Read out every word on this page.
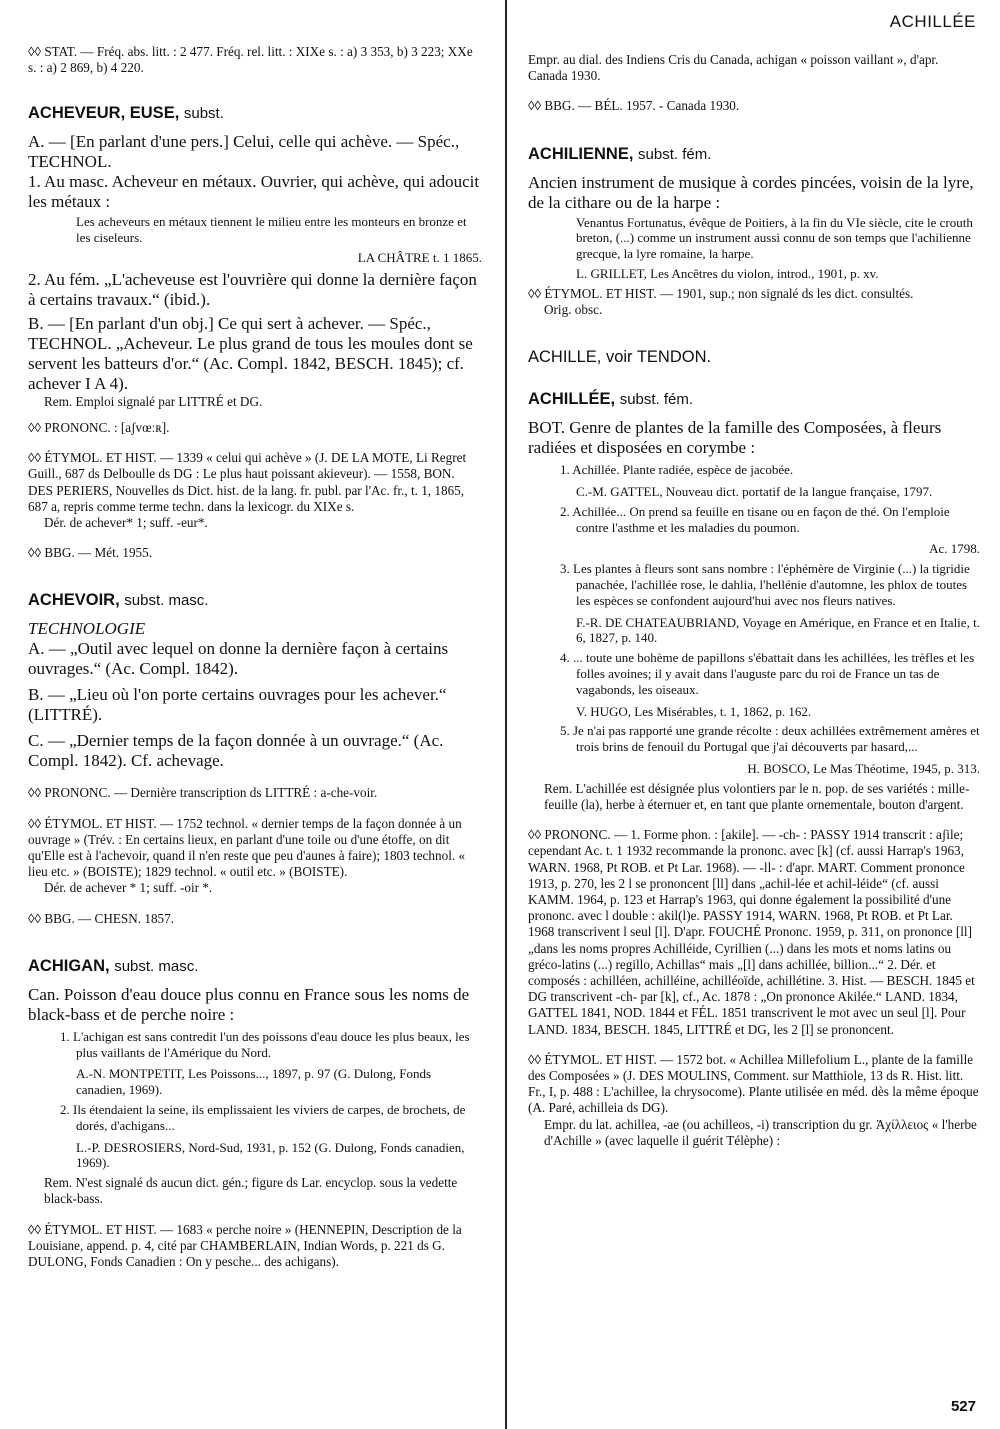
ACHILLÉE

◊◊ STAT. — Fréq. abs. litt. : 2 477. Fréq. rel. litt. : XIXe s. : a) 3 353, b) 3 223; XXe s. : a) 2 869, b) 4 220.

ACHEVEUR, EUSE, subst.

A. — [En parlant d'une pers.] Celui, celle qui achève. — Spéc., TECHNOL.

1. Au masc. Acheveur en métaux. Ouvrier, qui achève, qui adoucit les métaux :

Les acheveurs en métaux tiennent le milieu entre les monteurs en bronze et les ciseleurs.

LA CHÂTRE t. 1 1865.

2. Au fém. „L'acheveuse est l'ouvrière qui donne la dernière façon à certains travaux.“ (ibid.).

B. — [En parlant d'un obj.] Ce qui sert à achever. — Spéc., TECHNOL. „Acheveur. Le plus grand de tous les moules dont se servent les batteurs d'or.“ (Ac. Compl. 1842, BESCH. 1845); cf. achever I A 4).

Rem. Emploi signalé par LITTRÉ et DG.

◊◊ PRONONC. : [aʃvœːʀ].

◊◊ ÉTYMOL. ET HIST. — 1339 « celui qui achève » (J. DE LA MOTE, Li Regret Guill., 687 ds Delboulle ds DG : Le plus haut poissant akieveur). — 1558, BON. DES PERIERS, Nouvelles ds Dict. hist. de la lang. fr. publ. par l'Ac. fr., t. 1, 1865, 687 a, repris comme terme techn. dans la lexicogr. du XIXe s.

Dér. de achever* 1; suff. -eur*.

◊◊ BBG. — Mét. 1955.

ACHEVOIR, subst. masc.

TECHNOLOGIE

A. — „Outil avec lequel on donne la dernière façon à certains ouvrages.“ (Ac. Compl. 1842).

B. — „Lieu où l'on porte certains ouvrages pour les achever.“ (LITTRÉ).

C. — „Dernier temps de la façon donnée à un ouvrage.“ (Ac. Compl. 1842). Cf. achevage.

◊◊ PRONONC. — Dernière transcription ds LITTRÉ : a-che-voir.

◊◊ ÉTYMOL. ET HIST. — 1752 technol. « dernier temps de la façon donnée à un ouvrage » (Trév. : En certains lieux, en parlant d'une toile ou d'une étoffe, on dit qu'Elle est à l'achevoir, quand il n'en reste que peu d'aunes à faire); 1803 technol. « lieu etc. » (BOISTE); 1829 technol. « outil etc. » (BOISTE).

Dér. de achever * 1; suff. -oir *.

◊◊ BBG. — CHESN. 1857.

ACHIGAN, subst. masc.

Can. Poisson d'eau douce plus connu en France sous les noms de black-bass et de perche noire :

1. L'achigan est sans contredit l'un des poissons d'eau douce les plus beaux, les plus vaillants de l'Amérique du Nord.

A.-N. MONTPETIT, Les Poissons..., 1897, p. 97 (G. Dulong, Fonds canadien, 1969).

2. Ils étendaient la seine, ils emplissaient les viviers de carpes, de brochets, de dorés, d'achigans...

L.-P. DESROSIERS, Nord-Sud, 1931, p. 152 (G. Dulong, Fonds canadien, 1969).

Rem. N'est signalé ds aucun dict. gén.; figure ds Lar. encyclop. sous la vedette black-bass.

◊◊ ÉTYMOL. ET HIST. — 1683 « perche noire » (HENNEPIN, Description de la Louisiane, append. p. 4, cité par CHAMBERLAIN, Indian Words, p. 221 ds G. DULONG, Fonds Canadien : On y pesche... des achigans).

Empr. au dial. des Indiens Cris du Canada, achigan « poisson vaillant », d'apr. Canada 1930.

◊◊ BBG. — BÉL. 1957. - Canada 1930.

ACHILIENNE, subst. fém.

Ancien instrument de musique à cordes pincées, voisin de la lyre, de la cithare ou de la harpe :

Venantus Fortunatus, évêque de Poitiers, à la fin du VIe siècle, cite le crouth breton, (...) comme un instrument aussi connu de son temps que l'achilienne grecque, la lyre romaine, la harpe.

L. GRILLET, Les Ancêtres du violon, introd., 1901, p. xv.

◊◊ ÉTYMOL. ET HIST. — 1901, sup.; non signalé ds les dict. consultés.

Orig. obsc.

ACHILLE, voir TENDON.
ACHILLÉE, subst. fém.

BOT. Genre de plantes de la famille des Composées, à fleurs radiées et disposées en corymbe :

1. Achillée. Plante radiée, espèce de jacobée.

C.-M. GATTEL, Nouveau dict. portatif de la langue française, 1797.

2. Achillée... On prend sa feuille en tisane ou en façon de thé. On l'emploie contre l'asthme et les maladies du poumon.

Ac. 1798.

3. Les plantes à fleurs sont sans nombre : l'éphémère de Virginie (...) la tigridie panachée, l'achillée rose, le dahlia, l'hellénie d'automne, les phlox de toutes les espèces se confondent aujourd'hui avec nos fleurs natives.

F.-R. DE CHATEAUBRIAND, Voyage en Amérique, en France et en Italie, t. 6, 1827, p. 140.

4. ... toute une bohème de papillons s'ébattait dans les achillées, les trèfles et les folles avoines; il y avait dans l'auguste parc du roi de France un tas de vagabonds, les oiseaux.

V. HUGO, Les Misérables, t. 1, 1862, p. 162.

5. Je n'ai pas rapporté une grande récolte : deux achillées extrêmement amères et trois brins de fenouil du Portugal que j'ai découverts par hasard,...

H. BOSCO, Le Mas Théotime, 1945, p. 313.

Rem. L'achillée est désignée plus volontiers par le n. pop. de ses variétés : mille-feuille (la), herbe à éternuer et, en tant que plante ornementale, bouton d'argent.

◊◊ PRONONC. — 1. Forme phon. : [akile]. — -ch- : PASSY 1914 transcrit : aʃile; cependant Ac. t. 1 1932 recommande la prononc. avec [k] (cf. aussi Harrap's 1963, WARN. 1968, Pt ROB. et Pt Lar. 1968). — -ll- : d'apr. MART. Comment prononce 1913, p. 270, les 2 l se prononcent [ll] dans „achil-lée et achil-léide“ (cf. aussi KAMM. 1964, p. 123 et Harrap's 1963, qui donne également la possibilité d'une prononc. avec l double : akil(l)e. PASSY 1914, WARN. 1968, Pt ROB. et Pt Lar. 1968 transcrivent l seul [l]. D'apr. FOUCHÉ Prononc. 1959, p. 311, on prononce [ll] „dans les noms propres Achilléide, Cyrillien (...) dans les mots et noms latins ou gréco-latins (...) regillo, Achillas“ mais „[l] dans achillée, billion...“ 2. Dér. et composés : achilléen, achilléine, achilléoïde, achillétine. 3. Hist. — BESCH. 1845 et DG transcrivent -ch- par [k], cf., Ac. 1878 : „On prononce Akilée.“ LAND. 1834, GATTEL 1841, NOD. 1844 et FÉL. 1851 transcrivent le mot avec un seul [l]. Pour LAND. 1834, BESCH. 1845, LITTRÉ et DG, les 2 [l] se prononcent.

◊◊ ÉTYMOL. ET HIST. — 1572 bot. « Achillea Millefolium L., plante de la famille des Composées » (J. DES MOULINS, Comment. sur Matthiole, 13 ds R. Hist. litt. Fr., I, p. 488 : L'achillee, la chrysocome). Plante utilisée en méd. dès la même époque (A. Paré, achilleia ds DG).

Empr. du lat. achillea, -ae (ou achilleos, -i) transcription du gr. Ἀχίλλειος « l'herbe d'Achille » (avec laquelle il guérit Télèphe) :

527
